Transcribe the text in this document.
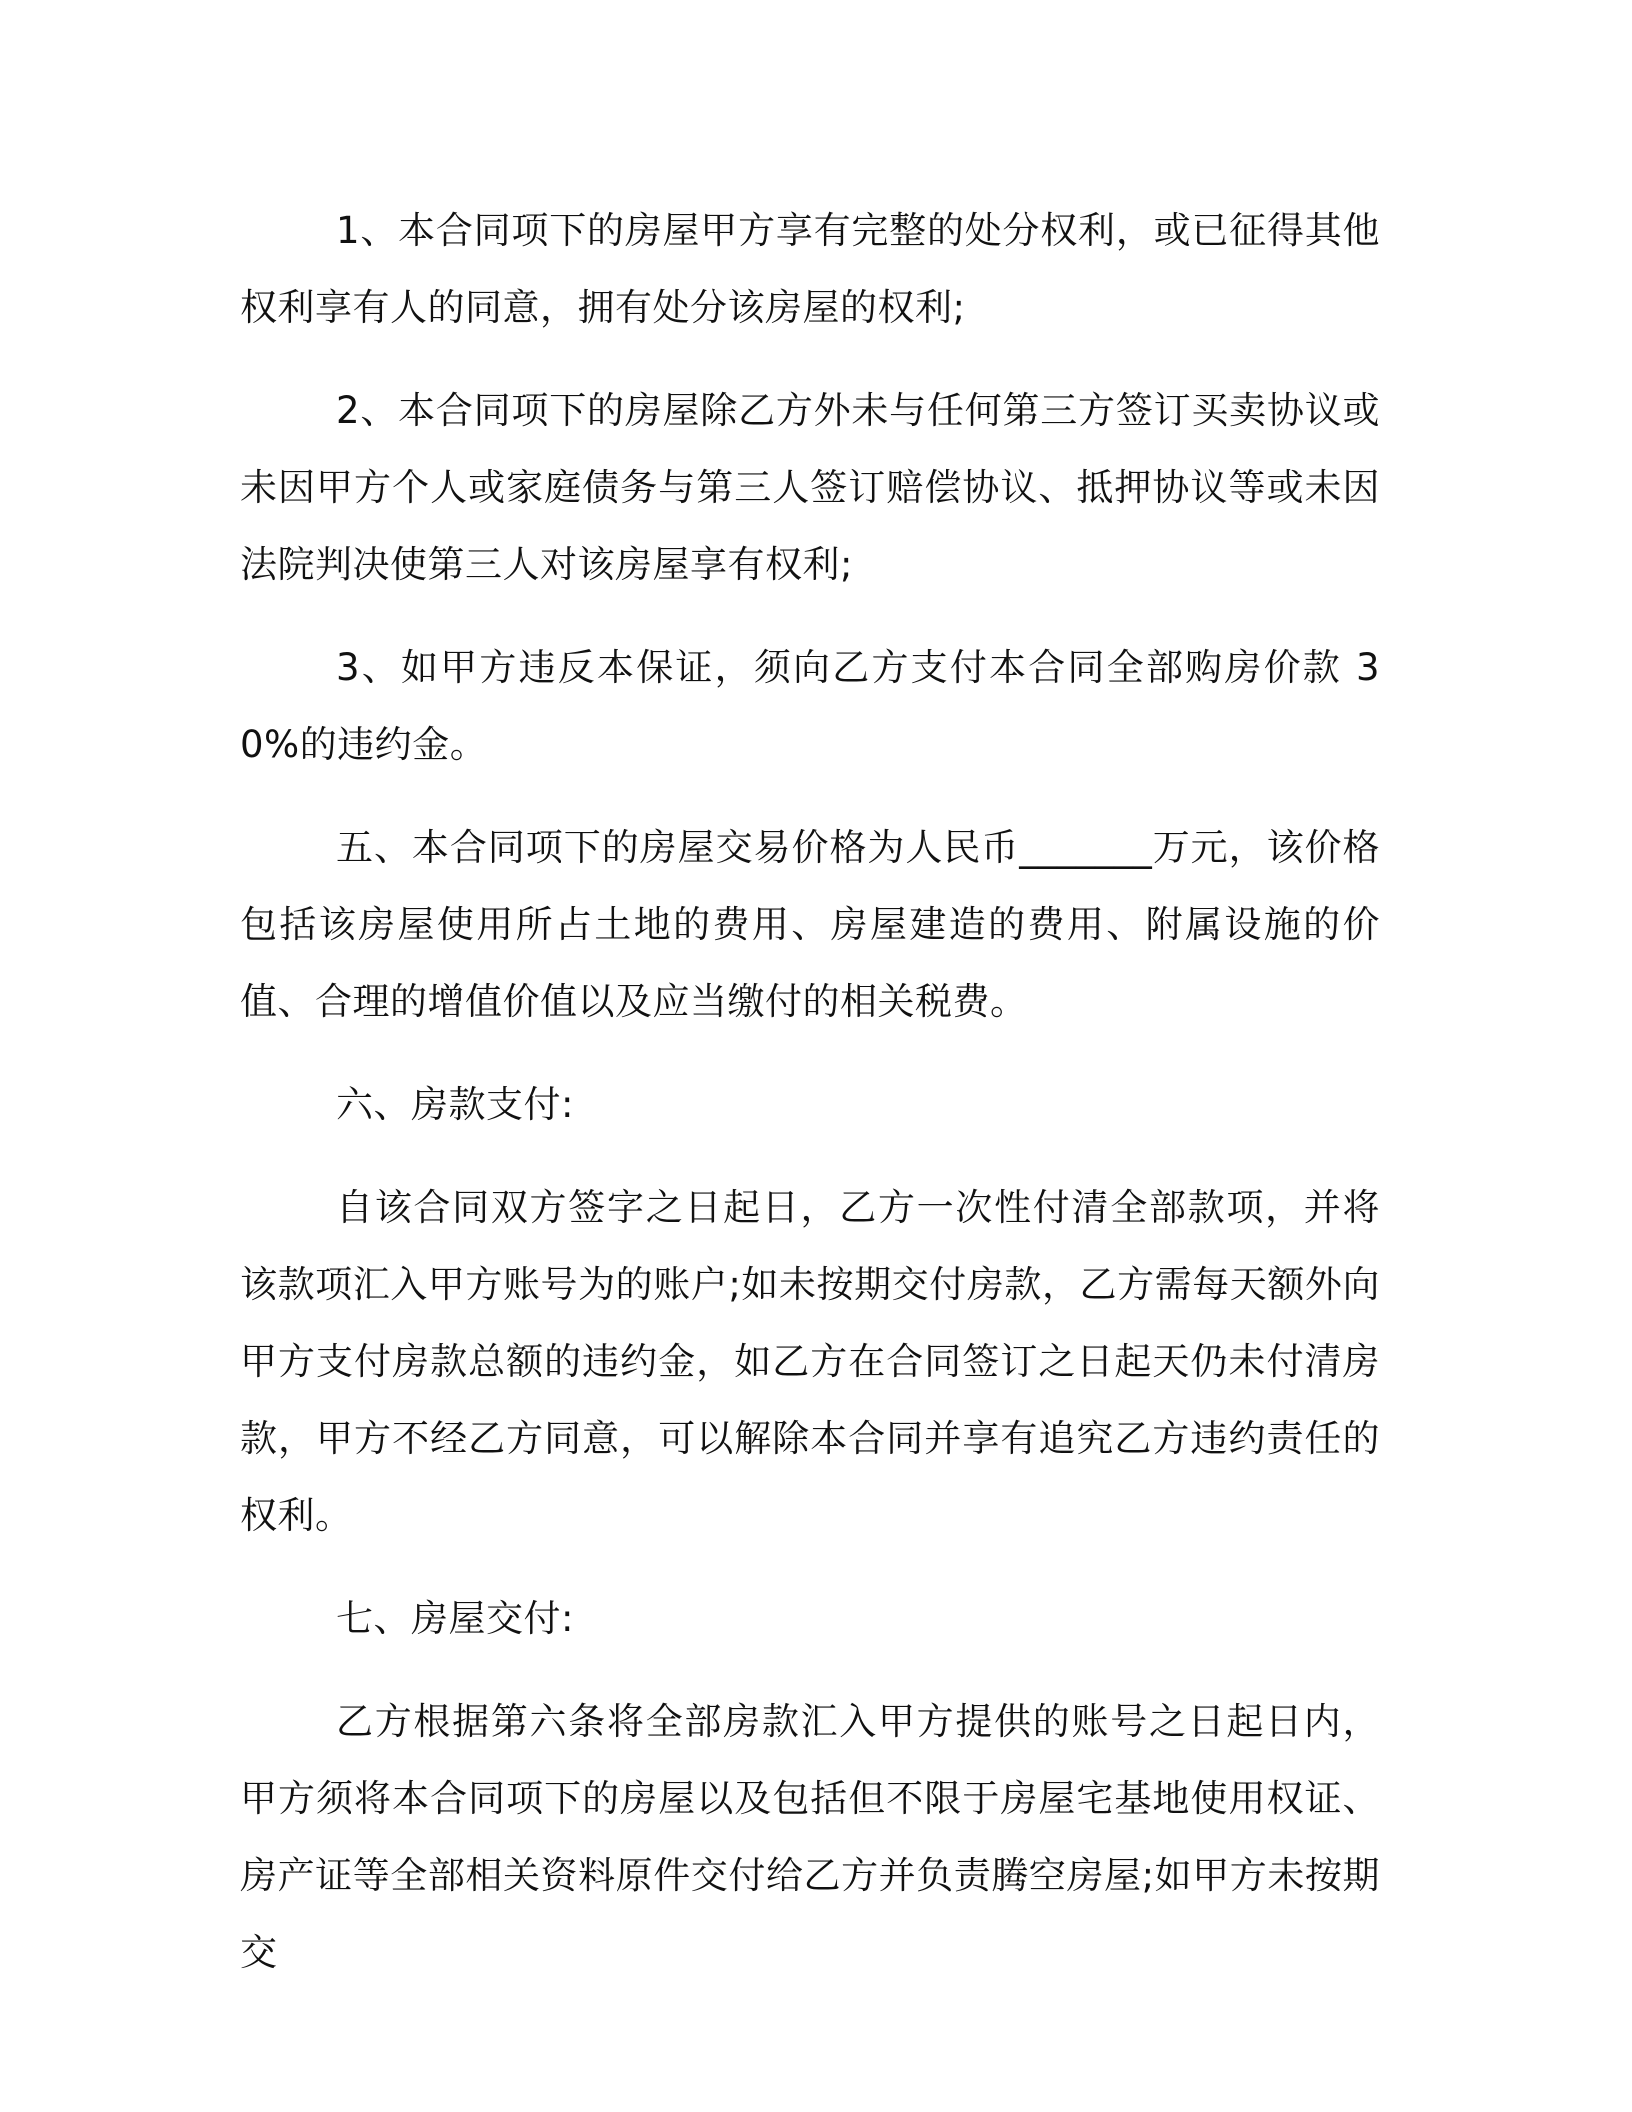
1、本合同项下的房屋甲方享有完整的处分权利，或已征得其他权利享有人的同意，拥有处分该房屋的权利;

2、本合同项下的房屋除乙方外未与任何第三方签订买卖协议或未因甲方个人或家庭债务与第三人签订赔偿协议、抵押协议等或未因法院判决使第三人对该房屋享有权利;

3、如甲方违反本保证，须向乙方支付本合同全部购房价款 30%的违约金。

五、本合同项下的房屋交易价格为人民币_______万元，该价格包括该房屋使用所占土地的费用、房屋建造的费用、附属设施的价值、合理的增值价值以及应当缴付的相关税费。

六、房款支付:

自该合同双方签字之日起日，乙方一次性付清全部款项，并将该款项汇入甲方账号为的账户;如未按期交付房款，乙方需每天额外向甲方支付房款总额的违约金，如乙方在合同签订之日起天仍未付清房款，甲方不经乙方同意，可以解除本合同并享有追究乙方违约责任的权利。

七、房屋交付:

乙方根据第六条将全部房款汇入甲方提供的账号之日起日内，甲方须将本合同项下的房屋以及包括但不限于房屋宅基地使用权证、房产证等全部相关资料原件交付给乙方并负责腾空房屋;如甲方未按期交
